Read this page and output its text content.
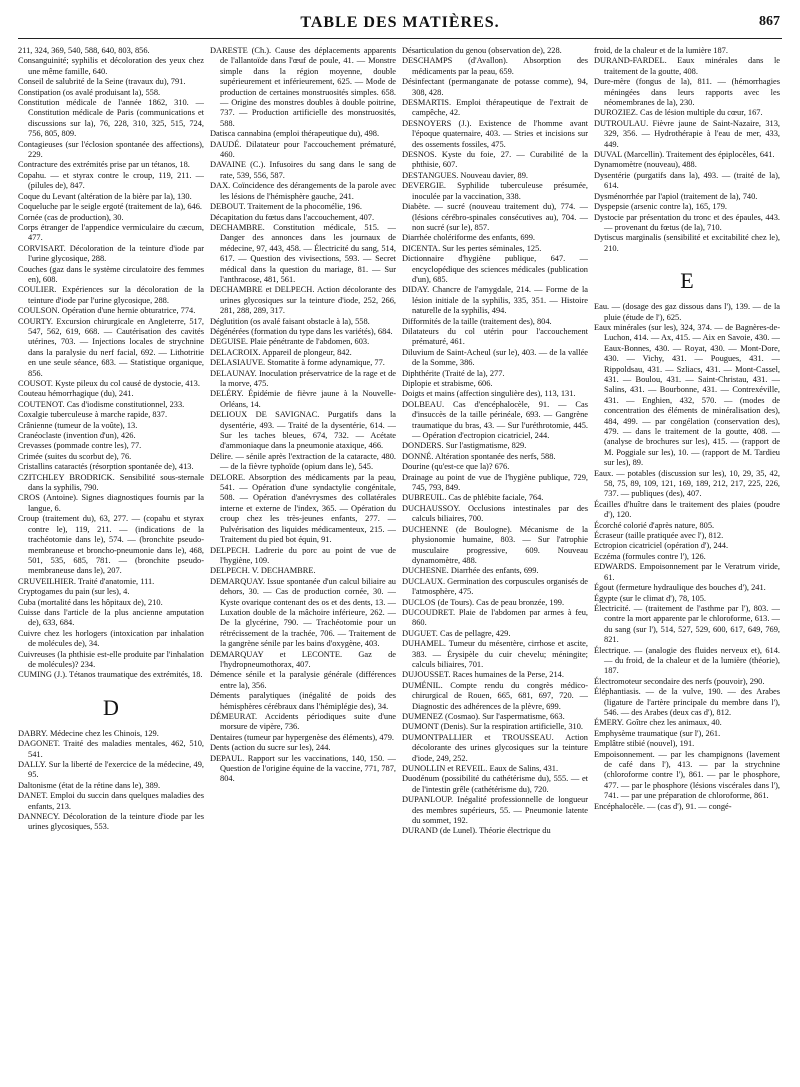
TABLE DES MATIÈRES.	867

211, 324, 369, 540, 588, 640, 803, 856.

Consanguinité; syphilis et décoloration des yeux chez une même famille, 640.

Conseil de salubrité de la Seine (travaux du), 791.

Constipation (os avalé produisant la), 558.

Constitution médicale de l'année 1862, 310. — Constitution médicale de Paris (communications et discussions sur la), 76, 228, 310, 325, 515, 724, 756, 805, 809.

Contagieuses (sur l'éclosion spontanée des affections), 229.

Contracture des extrémités prise par un tétanos, 18.

Copahu. — et styrax contre le croup, 119, 211. — (pilules de), 847.

Coque du Levant (altération de la bière par la), 130.

Coqueluche par le seigle ergoté (traitement de la), 646.

Cornée (cas de production), 30.

Corps étranger de l'appendice vermiculaire du cæcum, 477.

CORVISART. Décoloration de la teinture d'iode par l'urine glycosique, 288.

Couches (gaz dans le système circulatoire des femmes en), 608.

COULIER. Expériences sur la décoloration de la teinture d'iode par l'urine glycosique, 288.

COULSON. Opération d'une hernie obturatrice, 774.

COURTY. Excursion chirurgicale en Angleterre, 517, 547, 562, 619, 668. — Cautérisation des cavités utérines, 703. — Injections locales de strychnine dans la paralysie du nerf facial, 692. — Lithotritie en une seule séance, 683. — Statistique organique, 856.

COUSOT. Kyste pileux du col causé de dystocie, 413.

Couteau hémorrhagique (du), 241.

COUTENOT. Cas d'iodisme constitutionnel, 233.

Coxalgie tuberculeuse à marche rapide, 837.

Crânienne (tumeur de la voûte), 13.

Cranéoclaste (invention d'un), 426.

Crevasses (pommade contre les), 77.

Crimée (suites du scorbut de), 76.

Cristallins cataractés (résorption spontanée de), 413.

CZITCHLEY BRODRICK. Sensibilité sous-sternale dans la syphilis, 790.

CROS (Antoine). Signes diagnostiques fournis par la langue, 6.

Croup (traitement du), 63, 277. — (copahu et styrax contre le), 119, 211. — (indications de la trachéotomie dans le), 574. — (bronchite pseudo-membraneuse et broncho-pneumonie dans le), 468, 501, 535, 685, 781. — (bronchite pseudo-membraneuse dans le), 207.

CRUVEILHIER. Traité d'anatomie, 111.

Cryptogames du pain (sur les), 4.

Cuba (mortalité dans les hôpitaux de), 210.

Cuisse dans l'article de la plus ancienne amputation de), 633, 684.

Cuivre chez les horlogers (intoxication par inhalation de molécules de), 34.

Cuivreuses (la phthisie est-elle produite par l'inhalation de molécules)? 234.

CUMING (J.). Tétanos traumatique des extrémités, 18.

D

DABRY. Médecine chez les Chinois, 129.

DAGONET. Traité des maladies mentales, 462, 510, 541.

DALLY. Sur la liberté de l'exercice de la médecine, 49, 95.

Daltonisme (état de la rétine dans le), 389.

DANET. Emploi du succin dans quelques maladies des enfants, 213.

DANNECY. Décoloration de la teinture d'iode par les urines glycosiques, 553.

DARESTE (Ch.). Cause des déplacements apparents de l'allantoïde dans l'œuf de poule, 41. — Monstre simple dans la région moyenne, double supérieurement et inférieurement, 625. — Mode de production de certaines monstruosités simples. 658. — Origine des monstres doubles à double poitrine, 737. — Production artificielle des monstruosités, 588.

Datisca cannabina (emploi thérapeutique du), 498.

DAUDÉ. Dilatateur pour l'accouchement prématuré, 460.

DAVAINE (C.). Infusoires du sang dans le sang de rate, 539, 556, 587.

DAX. Coïncidence des dérangements de la parole avec les lésions de l'hémisphère gauche, 241.

DEBOUT. Traitement de la phocomélie, 196.

Décapitation du fœtus dans l'accouchement, 407.

DECHAMBRE. Constitution médicale, 515. — Danger des annonces dans les journaux de médecine, 97, 443, 458. — Électricité du sang, 514, 617. — Question des vivisections, 593. — Secret médical dans la question du mariage, 81. — Sur l'anthracose, 481, 561.

DECHAMBRE et DELPECH. Action décolorante des urines glycosiques sur la teinture d'iode, 252, 266, 281, 288, 289, 317.

Déglutition (os avalé faisant obstacle à la), 558.

Dégénérées (formation du type dans les variétés), 684.

DEGUISE. Plaie pénétrante de l'abdomen, 603.

DELACROIX. Appareil de plongeur, 842.

DELASIAUVE. Stomatite à forme adynamique, 77.

DELAUNAY. Inoculation préservatrice de la rage et de la morve, 475.

DELÉRY. Épidémie de fièvre jaune à la Nouvelle-Orléans, 14.

DELIOUX DE SAVIGNAC. Purgatifs dans la dysentérie, 493. — Traité de la dysentérie, 614. — Sur les taches bleues, 674, 732. — Acétate d'ammoniaque dans la pneumonie ataxique, 466.

Délire. — sénile après l'extraction de la cataracte, 480. — de la fièvre typhoïde (opium dans le), 545.

DELORE. Absorption des médicaments par la peau, 541. — Opération d'une syndactylie congénitale, 508. — Opération d'anévrysmes des collatérales interne et externe de l'index, 365. — Opération du croup chez les très-jeunes enfants, 277. — Pulvérisation des liquides médicamenteux, 215. — Traitement du pied bot équin, 91.

DELPECH. Ladrerie du porc au point de vue de l'hygiène, 109.

DELPECH. V. DECHAMBRE.

DEMARQUAY. Issue spontanée d'un calcul biliaire au dehors, 30. — Cas de production cornée, 30. — Kyste ovarique contenant des os et des dents, 13. — Luxation double de la mâchoire inférieure, 262. — De la glycérine, 790. — Trachéotomie pour un rétrécissement de la trachée, 706. — Traitement de la gangrène sénile par les bains d'oxygène, 403.

DEMARQUAY et LECONTE. Gaz de l'hydropneumothorax, 407.

Démence sénile et la paralysie générale (différences entre la), 356.

Déments paralytiques (inégalité de poids des hémisphères cérébraux dans l'hémiplégie des), 34.

DÉMEURAT. Accidents périodiques suite d'une morsure de vipère, 736.

Dentaires (tumeur par hypergenèse des éléments), 479.

Dents (action du sucre sur les), 244.

DEPAUL. Rapport sur les vaccinations, 140, 150. — Question de l'origine équine de la vaccine, 771, 787, 804.

Désarticulation du genou (observation de), 228.

DESCHAMPS (d'Avallon). Absorption des médicaments par la peau, 659.

Désinfectant (permanganate de potasse comme), 94, 308, 428.

DESMARTIS. Emploi thérapeutique de l'extrait de campêche, 42.

DESNOYERS (J.). Existence de l'homme avant l'époque quaternaire, 403. — Stries et incisions sur des ossements fossiles, 475.

DESNOS. Kyste du foie, 27. — Curabilité de la phthisie, 607.

DESTANGUES. Nouveau davier, 89.

DEVERGIE. Syphilide tuberculeuse présumée, inoculée par la vaccination, 338.

Diabète. — sucré (nouveau traitement du), 774. — (lésions cérébro-spinales consécutives au), 704. — non sucré (sur le), 857.

Diarrhée cholériforme des enfants, 699.

DICENTA. Sur les pertes séminales, 125.

Dictionnaire d'hygiène publique, 647. — encyclopédique des sciences médicales (publication d'un), 685.

DIDAY. Chancre de l'amygdale, 214. — Forme de la lésion initiale de la syphilis, 335, 351. — Histoire naturelle de la syphilis, 494.

Difformités de la taille (traitement des), 804.

Dilatateurs du col utérin pour l'accouchement prématuré, 461.

Diluvium de Saint-Acheul (sur le), 403. — de la vallée de la Somme, 386.

Diphthérite (Traité de la), 277.

Diplopie et strabisme, 606.

Doigts et mains (affection singulière des), 113, 131.

DOLBEAU. Cas d'encéphalocèle, 91. — Cas d'insuccès de la taille périnéale, 693. — Gangrène traumatique du bras, 43. — Sur l'uréthrotomie, 445. — Opération d'ectropion cicatriciel, 244.

DONDERS. Sur l'astigmatisme, 829.

DONNÉ. Altération spontanée des nerfs, 588.

Dourine (qu'est-ce que la)? 676.

Drainage au point de vue de l'hygiène publique, 729, 745, 793, 849.

DUBREUIL. Cas de phlébite faciale, 764.

DUCHAUSSOY. Occlusions intestinales par des calculs biliaires, 700.

DUCHENNE (de Boulogne). Mécanisme de la physionomie humaine, 803. — Sur l'atrophie musculaire progressive, 609. Nouveau dynamomètre, 488.

DUCHESNE. Diarrhée des enfants, 699.

DUCLAUX. Germination des corpuscules organisés de l'atmosphère, 475.

DUCLOS (de Tours). Cas de peau bronzée, 199.

DUCOUDRET. Plaie de l'abdomen par armes à feu, 860.

DUGUET. Cas de pellagre, 429.

DUHAMEL. Tumeur du mésentère, cirrhose et ascite, 383. — Érysipèle du cuir chevelu; méningite; calculs biliaires, 701.

DUJOUSSET. Races humaines de la Perse, 214.

DUMÉNIL. Compte rendu du congrès médico-chirurgical de Rouen, 665, 681, 697, 720. — Diagnostic des adhérences de la plèvre, 699.

DUMENEZ (Cosmao). Sur l'aspermatisme, 663.

DUMONT (Denis). Sur la respiration artificielle, 310.

DUMONTPALLIER et TROUSSEAU. Action décolorante des urines glycosiques sur la teinture d'iode, 249, 252.

DUNOLLIN et REVEIL. Eaux de Salins, 431.

Duodénum (possibilité du cathétérisme du), 555. — et de l'intestin grêle (cathétérisme du), 720.

DUPANLOUP. Inégalité professionnelle de longueur des membres supérieurs, 55. — Pneumonie latente du sommet, 192.

DURAND (de Lunel). Théorie électrique du

froid, de la chaleur et de la lumière 187.

DURAND-FARDEL. Eaux minérales dans le traitement de la goutte, 408.

Dure-mère (fongus de la), 811. — (hémorrhagies méningées dans leurs rapports avec les néomembranes de la), 230.

DUROZIEZ. Cas de lésion multiple du cœur, 167.

DUTROULAU. Fièvre jaune de Saint-Nazaire, 313, 329, 356. — Hydrothérapie à l'eau de mer, 433, 449.

DUVAL (Marcellin). Traitement des épiplocèles, 641.

Dynamomètre (nouveau), 488.

Dysentérie (purgatifs dans la), 493. — (traité de la), 614.

Dysménorrhée par l'apiol (traitement de la), 740.

Dyspepsie (arsenic contre la), 165, 179.

Dystocie par présentation du tronc et des épaules, 443. — provenant du fœtus (de la), 710.

Dytiscus marginalis (sensibilité et excitabilité chez le), 210.

E

Eau. — (dosage des gaz dissous dans l'), 139. — de la pluie (étude de l'), 625.

Eaux minérales (sur les), 324, 374. — de Bagnères-de-Luchon, 414. — Ax, 415. — Aix en Savoie, 430. — Eaux-Bonnes, 430. — Royat, 430. — Mont-Dore, 430. — Vichy, 431. — Pougues, 431. — Rippoldsau, 431. — Szliacs, 431. — Mont-Cassel, 431. — Boulou, 431. — Saint-Christau, 431. — Salins, 431. — Bourbonne, 431. — Contrexéville, 431. — Enghien, 432, 570. — (modes de concentration des éléments de minéralisation des), 484, 499. — par congélation (conservation des), 479. — dans le traitement de la goutte, 408. — (analyse de brochures sur les), 415. — (rapport de M. Poggiale sur les), 10. — (rapport de M. Tardieu sur les), 89.

Eaux. — potables (discussion sur les), 10, 29, 35, 42, 58, 75, 89, 109, 121, 169, 189, 212, 217, 225, 226, 737. — publiques (des), 407.

Écailles d'huître dans le traitement des plaies (poudre d'), 120.

Écorché colorié d'après nature, 805.

Écraseur (taille pratiquée avec l'), 812.

Ectropion cicatriciel (opération d'), 244.

Eczéma (formules contre l'), 126.

EDWARDS. Empoisonnement par le Veratrum viride, 61.

Égout (fermeture hydraulique des bouches d'), 241.

Égypte (sur le climat d'), 78, 105.

Électricité. — (traitement de l'asthme par l'), 803. — contre la mort apparente par le chloroforme, 613. — du sang (sur l'), 514, 527, 529, 600, 617, 649, 769, 821.

Électrique. — (analogie des fluides nerveux et), 614. — du froid, de la chaleur et de la lumière (théorie), 187.

Électromoteur secondaire des nerfs (pouvoir), 290.

Éléphantiasis. — de la vulve, 190. — des Arabes (ligature de l'artère principale du membre dans l'), 546. — des Arabes (deux cas d'), 812.

ÉMERY. Goître chez les animaux, 40.

Emphysème traumatique (sur l'), 261.

Emplâtre stibié (nouvel), 191.

Empoisonnement. — par les champignons (lavement de café dans l'), 413. — par la strychnine (chloroforme contre l'), 861. — par le phosphore, 477. — par le phosphore (lésions viscérales dans l'), 741. — par une préparation de chloroforme, 861.

Encéphalocèle. — (cas d'), 91. — congé-
